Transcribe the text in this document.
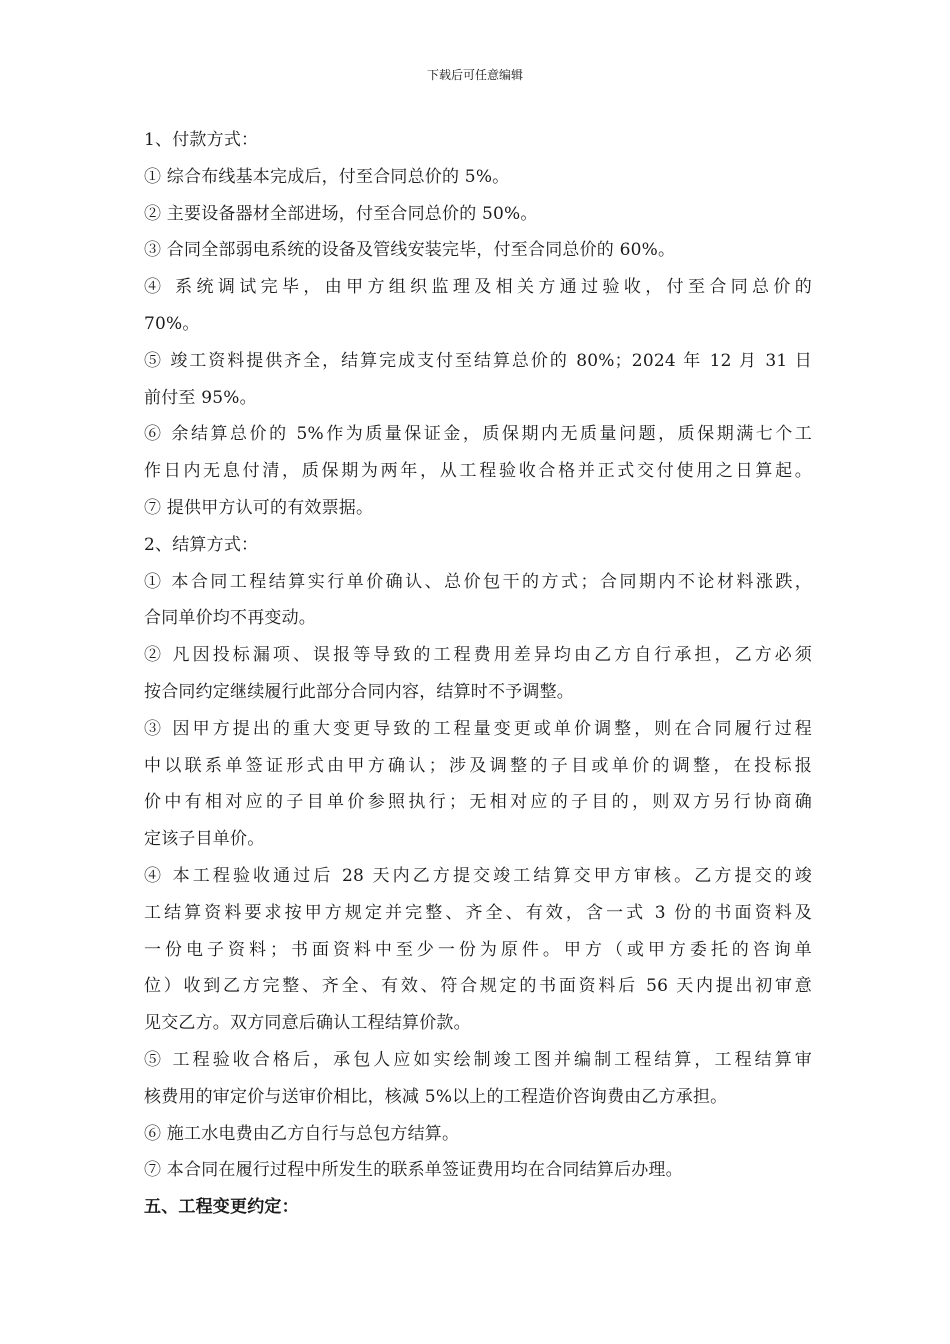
下载后可任意编辑
1、付款方式：
① 综合布线基本完成后，付至合同总价的 5%。
② 主要设备器材全部进场，付至合同总价的 50%。
③ 合同全部弱电系统的设备及管线安装完毕，付至合同总价的 60%。
④ 系统调试完毕，由甲方组织监理及相关方通过验收，付至合同总价的
70%。
⑤ 竣工资料提供齐全，结算完成支付至结算总价的 80%；2024 年 12 月 31 日
前付至 95%。
⑥ 余结算总价的 5%作为质量保证金，质保期内无质量问题，质保期满七个工
作日内无息付清，质保期为两年，从工程验收合格并正式交付使用之日算起。
⑦ 提供甲方认可的有效票据。
2、结算方式：
① 本合同工程结算实行单价确认、总价包干的方式；合同期内不论材料涨跌，
合同单价均不再变动。
② 凡因投标漏项、误报等导致的工程费用差异均由乙方自行承担，乙方必须
按合同约定继续履行此部分合同内容，结算时不予调整。
③ 因甲方提出的重大变更导致的工程量变更或单价调整，则在合同履行过程
中以联系单签证形式由甲方确认；涉及调整的子目或单价的调整，在投标报
价中有相对应的子目单价参照执行；无相对应的子目的，则双方另行协商确
定该子目单价。
④ 本工程验收通过后 28 天内乙方提交竣工结算交甲方审核。乙方提交的竣
工结算资料要求按甲方规定并完整、齐全、有效，含一式 3 份的书面资料及
一份电子资料；书面资料中至少一份为原件。甲方（或甲方委托的咨询单
位）收到乙方完整、齐全、有效、符合规定的书面资料后 56 天内提出初审意
见交乙方。双方同意后确认工程结算价款。
⑤ 工程验收合格后，承包人应如实绘制竣工图并编制工程结算，工程结算审
核费用的审定价与送审价相比，核减 5%以上的工程造价咨询费由乙方承担。
⑥ 施工水电费由乙方自行与总包方结算。
⑦ 本合同在履行过程中所发生的联系单签证费用均在合同结算后办理。
五、工程变更约定：
